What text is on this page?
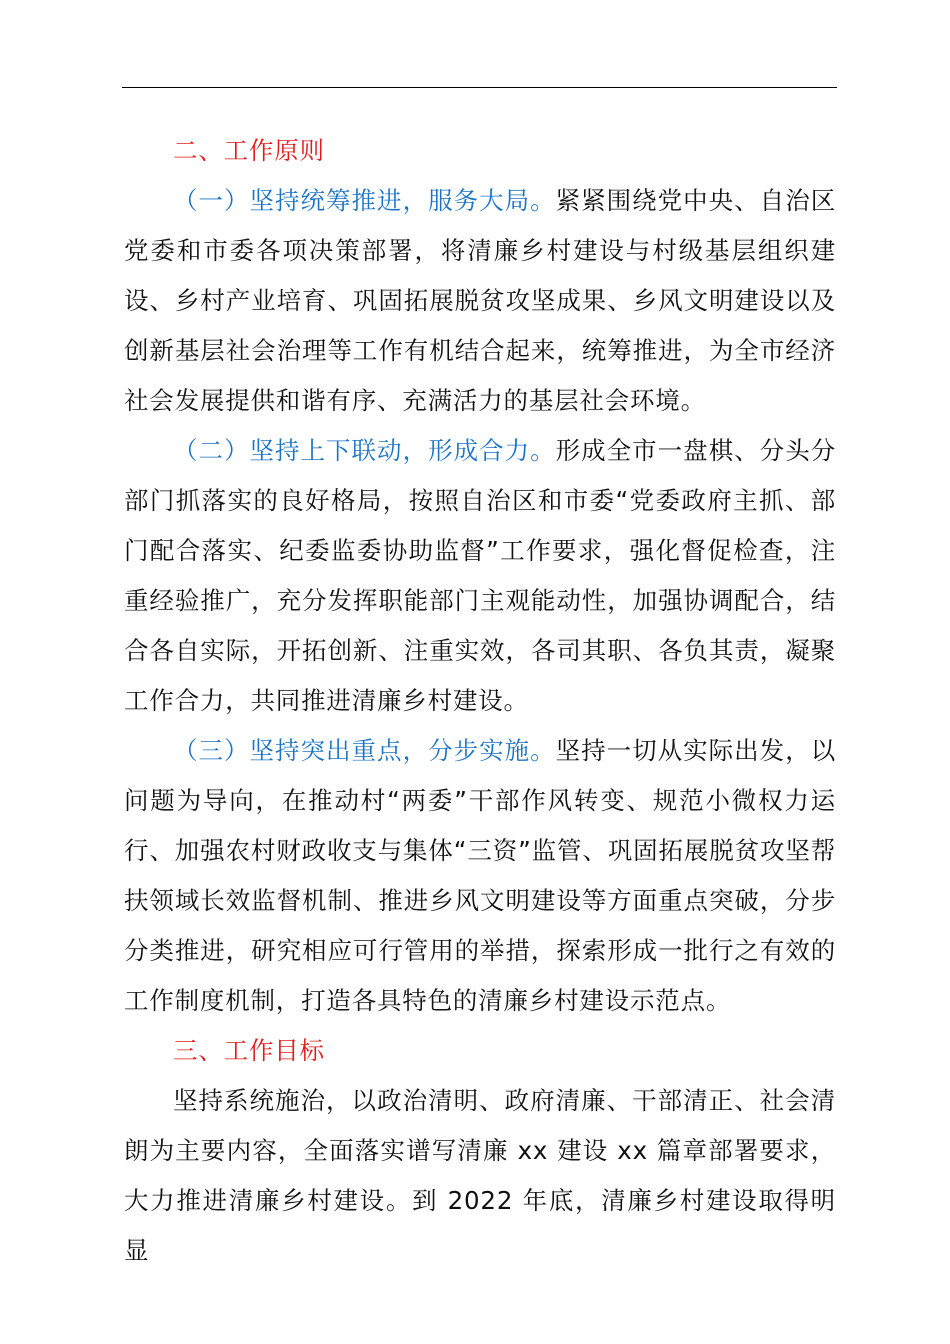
二、工作原则

（一）坚持统筹推进，服务大局。紧紧围绕党中央、自治区党委和市委各项决策部署，将清廉乡村建设与村级基层组织建设、乡村产业培育、巩固拓展脱贫攻坚成果、乡风文明建设以及创新基层社会治理等工作有机结合起来，统筹推进，为全市经济社会发展提供和谐有序、充满活力的基层社会环境。

（二）坚持上下联动，形成合力。形成全市一盘棋、分头分部门抓落实的良好格局，按照自治区和市委“党委政府主抓、部门配合落实、纪委监委协助监督”工作要求，强化督促检查，注重经验推广，充分发挥职能部门主观能动性，加强协调配合，结合各自实际，开拓创新、注重实效，各司其职、各负其责，凝聚工作合力，共同推进清廉乡村建设。

（三）坚持突出重点，分步实施。坚持一切从实际出发，以问题为导向，在推动村“两委”干部作风转变、规范小微权力运行、加强农村财政收支与集体“三资”监管、巩固拓展脱贫攻坚帮扶领域长效监督机制、推进乡风文明建设等方面重点突破，分步分类推进，研究相应可行管用的举措，探索形成一批行之有效的工作制度机制，打造各具特色的清廉乡村建设示范点。

三、工作目标

坚持系统施治，以政治清明、政府清廉、干部清正、社会清朗为主要内容，全面落实谱写清廉 xx 建设 xx 篇章部署要求，大力推进清廉乡村建设。到 2022 年底，清廉乡村建设取得明显
